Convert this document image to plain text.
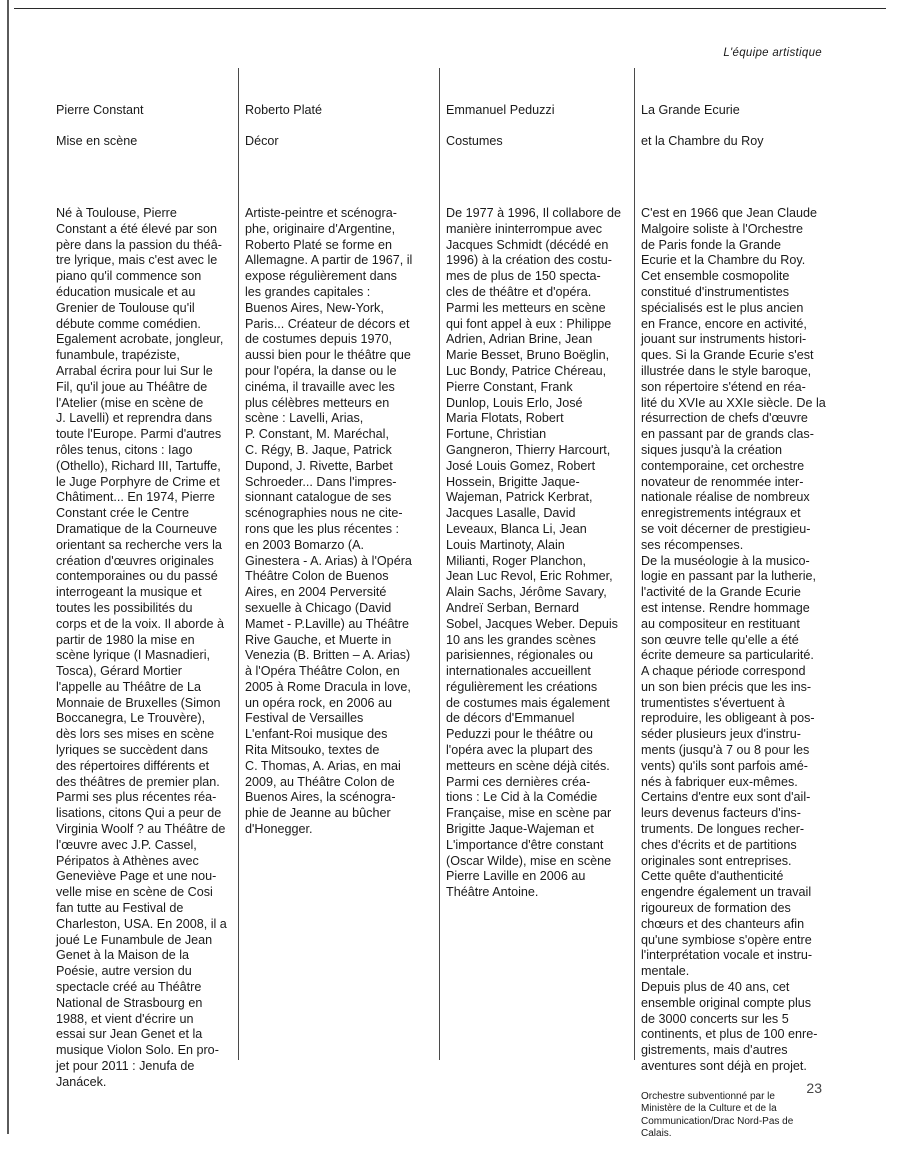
L'équipe artistique

Pierre Constant

Mise en scène

Né à Toulouse, Pierre
Constant a été élevé par son
père dans la passion du théâ-
tre lyrique, mais c'est avec le
piano qu'il commence son
éducation musicale et au
Grenier de Toulouse qu'il
débute comme comédien.
Egalement acrobate, jongleur,
funambule, trapéziste,
Arrabal écrira pour lui Sur le
Fil, qu'il joue au Théâtre de
l'Atelier (mise en scène de
J. Lavelli) et reprendra dans
toute l'Europe. Parmi d'autres
rôles tenus, citons : Iago
(Othello), Richard III, Tartuffe,
le Juge Porphyre de Crime et
Châtiment... En 1974, Pierre
Constant crée le Centre
Dramatique de la Courneuve
orientant sa recherche vers la
création d'œuvres originales
contemporaines ou du passé
interrogeant la musique et
toutes les possibilités du
corps et de la voix. Il aborde à
partir de 1980 la mise en
scène lyrique (I Masnadieri,
Tosca), Gérard Mortier
l'appelle au Théâtre de La
Monnaie de Bruxelles (Simon
Boccanegra, Le Trouvère),
dès lors ses mises en scène
lyriques se succèdent dans
des répertoires différents et
des théâtres de premier plan.
Parmi ses plus récentes réa-
lisations, citons Qui a peur de
Virginia Woolf ? au Théâtre de
l'œuvre avec J.P. Cassel,
Péripatos à Athènes avec
Geneviève Page et une nou-
velle mise en scène de Cosi
fan tutte au Festival de
Charleston, USA. En 2008, il a
joué Le Funambule de Jean
Genet à la Maison de la
Poésie, autre version du
spectacle créé au Théâtre
National de Strasbourg en
1988, et vient d'écrire un
essai sur Jean Genet et la
musique Violon Solo. En pro-
jet pour 2011 : Jenufa de
Janácek.

Roberto Platé

Décor

Artiste-peintre et scénogra-
phe, originaire d'Argentine,
Roberto Platé se forme en
Allemagne. A partir de 1967, il
expose régulièrement dans
les grandes capitales :
Buenos Aires, New-York,
Paris... Créateur de décors et
de costumes depuis 1970,
aussi bien pour le théâtre que
pour l'opéra, la danse ou le
cinéma, il travaille avec les
plus célèbres metteurs en
scène : Lavelli, Arias,
P. Constant, M. Maréchal,
C. Régy, B. Jaque, Patrick
Dupond, J. Rivette, Barbet
Schroeder... Dans l'impres-
sionnant catalogue de ses
scénographies nous ne cite-
rons que les plus récentes :
en 2003 Bomarzo (A.
Ginestera - A. Arias) à l'Opéra
Théâtre Colon de Buenos
Aires, en 2004 Perversité
sexuelle à Chicago (David
Mamet - P.Laville) au Théâtre
Rive Gauche, et Muerte in
Venezia (B. Britten – A. Arias)
à l'Opéra Théâtre Colon, en
2005 à Rome Dracula in love,
un opéra rock, en 2006 au
Festival de Versailles
L'enfant-Roi musique des
Rita Mitsouko, textes de
C. Thomas, A. Arias, en mai
2009, au Théâtre Colon de
Buenos Aires, la scénogra-
phie de Jeanne au bûcher
d'Honegger.

Emmanuel Peduzzi

Costumes

De 1977 à 1996, Il collabore de
manière ininterrompue avec
Jacques Schmidt (décédé en
1996) à la création des costu-
mes de plus de 150 specta-
cles de théâtre et d'opéra.
Parmi les metteurs en scène
qui font appel à eux : Philippe
Adrien, Adrian Brine, Jean
Marie Besset, Bruno Boëglin,
Luc Bondy, Patrice Chéreau,
Pierre Constant, Frank
Dunlop, Louis Erlo, José
Maria Flotats, Robert
Fortune, Christian
Gangneron, Thierry Harcourt,
José Louis Gomez, Robert
Hossein, Brigitte Jaque-
Wajeman, Patrick Kerbrat,
Jacques Lasalle, David
Leveaux, Blanca Li, Jean
Louis Martinoty, Alain
Milianti, Roger Planchon,
Jean Luc Revol, Eric Rohmer,
Alain Sachs, Jérôme Savary,
Andreï Serban, Bernard
Sobel, Jacques Weber. Depuis
10 ans les grandes scènes
parisiennes, régionales ou
internationales accueillent
régulièrement les créations
de costumes mais également
de décors d'Emmanuel
Peduzzi pour le théâtre ou
l'opéra avec la plupart des
metteurs en scène déjà cités.
Parmi ces dernières créa-
tions : Le Cid à la Comédie
Française, mise en scène par
Brigitte Jaque-Wajeman et
L'importance d'être constant
(Oscar Wilde), mise en scène
Pierre Laville en 2006 au
Théâtre Antoine.

La Grande Ecurie

et la Chambre du Roy

C'est en 1966 que Jean Claude
Malgoire soliste à l'Orchestre
de Paris fonde la Grande
Ecurie et la Chambre du Roy.
Cet ensemble cosmopolite
constitué d'instrumentistes
spécialisés est le plus ancien
en France, encore en activité,
jouant sur instruments histori-
ques. Si la Grande Ecurie s'est
illustrée dans le style baroque,
son répertoire s'étend en réa-
lité du XVIe au XXIe siècle. De la
résurrection de chefs d'œuvre
en passant par de grands clas-
siques jusqu'à la création
contemporaine, cet orchestre
novateur de renommée inter-
nationale réalise de nombreux
enregistrements intégraux et
se voit décerner de prestigieu-
ses récompenses.
De la muséologie à la musico-
logie en passant par la lutherie,
l'activité de la Grande Ecurie
est intense. Rendre hommage
au compositeur en restituant
son œuvre telle qu'elle a été
écrite demeure sa particularité.
A chaque période correspond
un son bien précis que les ins-
trumentistes s'évertuent à
reproduire, les obligeant à pos-
séder plusieurs jeux d'instru-
ments (jusqu'à 7 ou 8 pour les
vents) qu'ils sont parfois amé-
nés à fabriquer eux-mêmes.
Certains d'entre eux sont d'ail-
leurs devenus facteurs d'ins-
truments. De longues recher-
ches d'écrits et de partitions
originales sont entreprises.
Cette quête d'authenticité
engendre également un travail
rigoureux de formation des
chœurs et des chanteurs afin
qu'une symbiose s'opère entre
l'interprétation vocale et instru-
mentale.
Depuis plus de 40 ans, cet
ensemble original compte plus
de 3000 concerts sur les 5
continents, et plus de 100 enre-
gistrements, mais d'autres
aventures sont déjà en projet.

Orchestre subventionné par le
Ministère de la Culture et de la
Communication/Drac Nord-Pas de
Calais.

23
